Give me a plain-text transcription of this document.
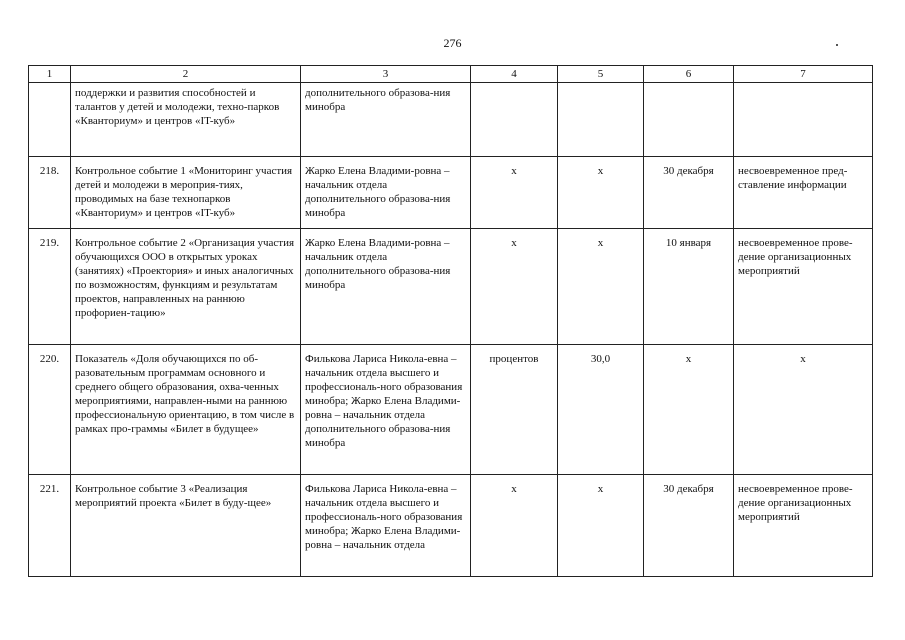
276
1	2	3	4	5	6	7
	поддержки и развития способностей и талантов у детей и молодежи, техно-парков «Кванториум» и центров «IT-куб»	дополнительного образова-ния минобра				
218.	Контрольное событие 1 «Мониторинг участия детей и молодежи в мероприя-тиях, проводимых на базе технопарков «Кванториум» и центров «IT-куб»	Жарко Елена Владими-ровна – начальник отдела дополнительного образова-ния минобра	х	х	30 декабря	несвоевременное пред-ставление информации
219.	Контрольное событие 2 «Организация участия обучающихся ООО в открытых уроках (занятиях) «Проектория» и иных аналогичных по возможностям, функциям и результатам проектов, направленных на раннюю профориен-тацию»	Жарко Елена Владими-ровна – начальник отдела дополнительного образова-ния минобра	х	х	10 января	несвоевременное прове-дение организационных мероприятий
220.	Показатель «Доля обучающихся по об-разовательным программам основного и среднего общего образования, охва-ченных мероприятиями, направлен-ными на раннюю профессиональную ориентацию, в том числе в рамках про-граммы «Билет в будущее»	Филькова Лариса Никола-евна – начальник отдела высшего и профессиональ-ного образования минобра; Жарко Елена Владими-ровна – начальник отдела дополнительного образова-ния минобра	процентов	30,0	х	х
221.	Контрольное событие 3 «Реализация мероприятий проекта «Билет в буду-щее»	Филькова Лариса Никола-евна – начальник отдела высшего и профессиональ-ного образования минобра; Жарко Елена Владими-ровна – начальник отдела	х	х	30 декабря	несвоевременное прове-дение организационных мероприятий
